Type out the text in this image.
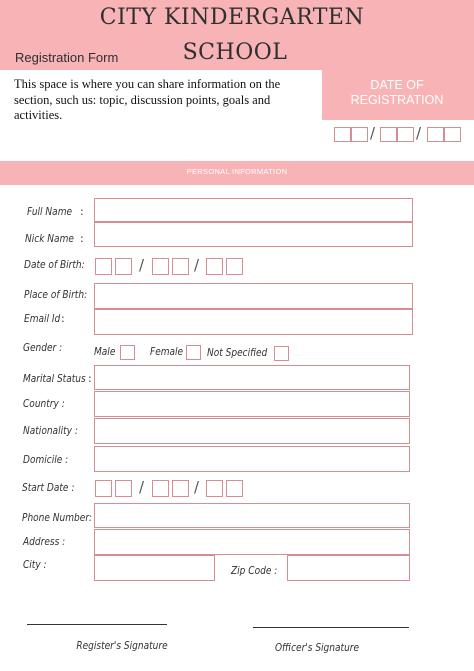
CITY KINDERGARTEN
SCHOOL
Registration Form
This space is where you can share information on the section, such us: topic, discussion points, goals and activities.
DATE OF REGISTRATION
/	/
PERSONAL INFORMATION
Full Name :
Nick Name :
Date of Birth:	/	/
Place of Birth:
Email Id :
Gender :	Male	Female Not Specified
Marital Status :
Country :
Nationality :
Domicile :
Start Date :	/	/
Phone Number:
Address :
City :	Zip Code :
Register's Signature	Officer's Signature
